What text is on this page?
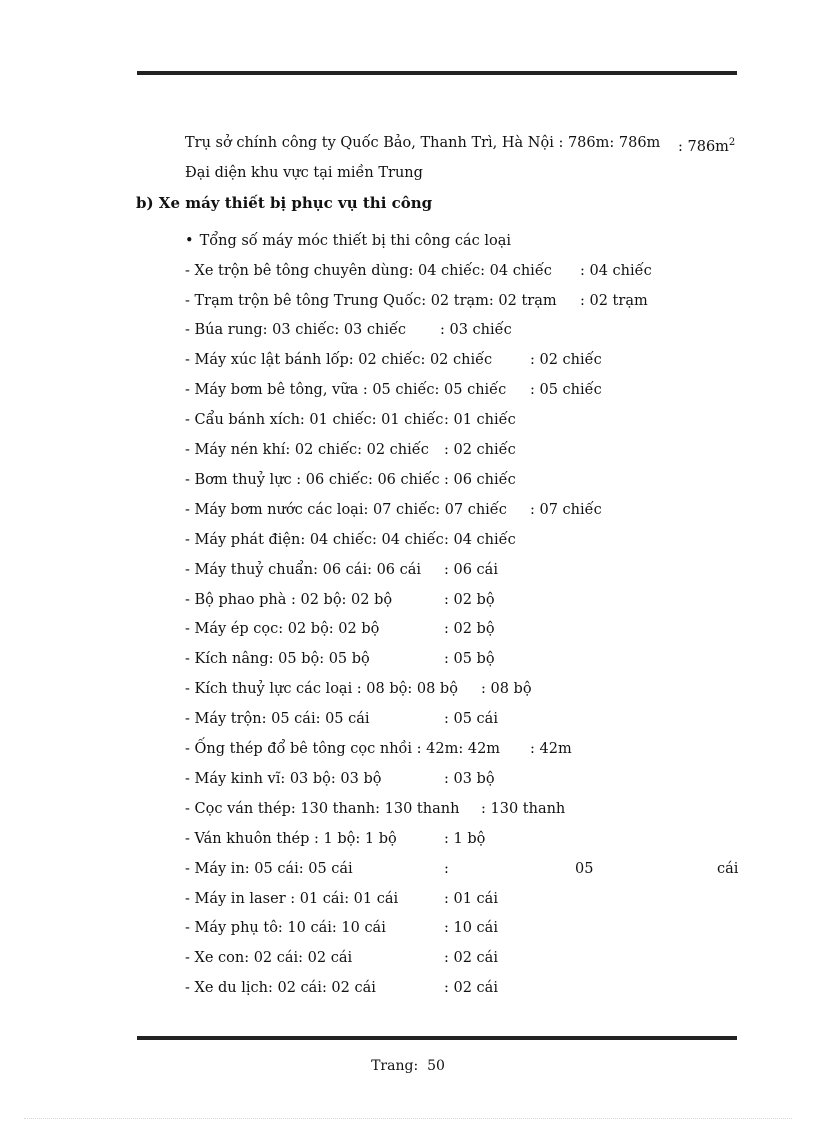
Trụ sở chính công ty Quốc Bảo, Thanh Trì, Hà Nội : 786m: 786m : $786m^2$
Đại diện khu vực tại miền Trung
b) Xe máy thiết bị phục vụ thi công
• Tổng số máy móc thiết bị thi công các loại
- Xe trộn bê tông chuyên dùng: 04 chiếc: 04 chiếc : 04 chiếc
- Trạm trộn bê tông Trung Quốc: 02 trạm: 02 trạm : 02 trạm
- Búa rung: 03 chiếc: 03 chiếc : 03 chiếc
- Máy xúc lật bánh lốp: 02 chiếc: 02 chiếc	: 02 chiếc
- Máy bơm bê tông, vữa : 05 chiếc: 05 chiếc : 05 chiếc
- Cẩu bánh xích: 01 chiếc: 01 chiếc : 01 chiếc
- Máy nén khí: 02 chiếc: 02 chiếc : 02 chiếc
- Bơm thuỷ lực : 06 chiếc: 06 chiếc : 06 chiếc
- Máy bơm nước các loại: 07 chiếc: 07 chiếc : 07 chiếc
- Máy phát điện: 04 chiếc: 04 chiếc : 04 chiếc
- Máy thuỷ chuẩn: 06 cái: 06 cái : 06 cái
- Bộ phao phà : 02 bộ: 02 bộ	: 02 bộ
- Máy ép cọc: 02 bộ: 02 bộ	: 02 bộ
- Kích nâng: 05 bộ: 05 bộ	: 05 bộ
- Kích thuỷ lực các loại : 08 bộ: 08 bộ : 08 bộ
- Máy trộn: 05 cái: 05 cái	: 05 cái
- Ống thép đổ bê tông cọc nhồi : 42m: 42m : 42m
- Máy kinh vĩ: 03 bộ: 03 bộ	: 03 bộ
- Cọc ván thép: 130 thanh: 130 thanh : 130 thanh
- Ván khuôn thép : 1 bộ: 1 bộ	: 1 bộ
- Máy in: 05 cái: 05 cái	:	05	cái
- Máy in laser : 01 cái: 01 cái	: 01 cái
- Máy phụ tô: 10 cái: 10 cái	: 10 cái
- Xe con: 02 cái: 02 cái	: 02 cái
- Xe du lịch: 02 cái: 02 cái	: 02 cái
Trang: 50
